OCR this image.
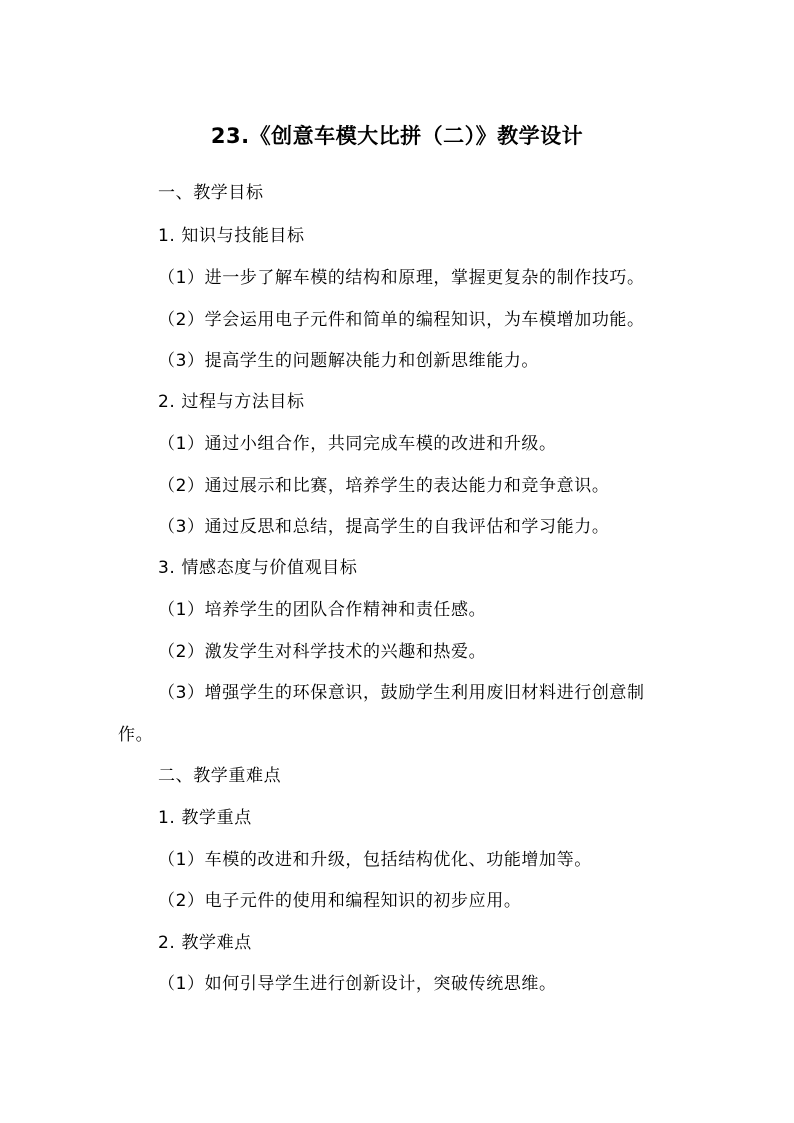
23.《创意车模大比拼（二）》教学设计
一、教学目标
1. 知识与技能目标
（1）进一步了解车模的结构和原理，掌握更复杂的制作技巧。
（2）学会运用电子元件和简单的编程知识，为车模增加功能。
（3）提高学生的问题解决能力和创新思维能力。
2. 过程与方法目标
（1）通过小组合作，共同完成车模的改进和升级。
（2）通过展示和比赛，培养学生的表达能力和竞争意识。
（3）通过反思和总结，提高学生的自我评估和学习能力。
3. 情感态度与价值观目标
（1）培养学生的团队合作精神和责任感。
（2）激发学生对科学技术的兴趣和热爱。
（3）增强学生的环保意识，鼓励学生利用废旧材料进行创意制
作。
二、教学重难点
1. 教学重点
（1）车模的改进和升级，包括结构优化、功能增加等。
（2）电子元件的使用和编程知识的初步应用。
2. 教学难点
（1）如何引导学生进行创新设计，突破传统思维。
